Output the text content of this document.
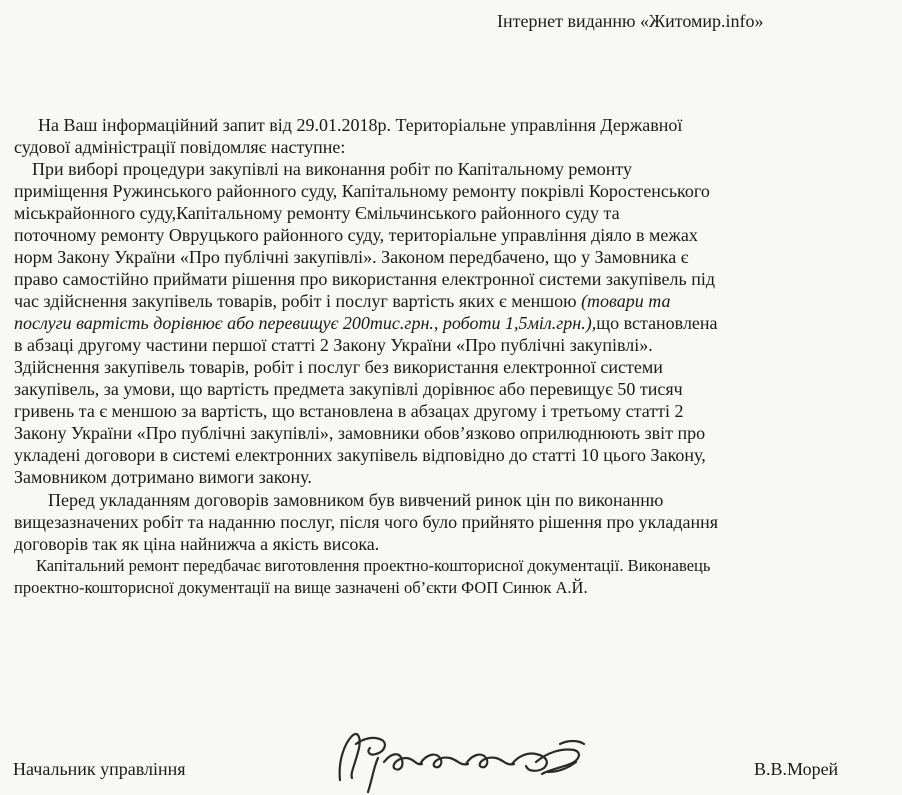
Інтернет виданню «Житомир.info»
На Ваш інформаційний запит від 29.01.2018р. Територіальне управління Державної
судової адміністрації повідомляє наступне:
При виборі процедури закупівлі на виконання робіт по Капітальному ремонту
приміщення Ружинського районного суду, Капітальному ремонту покрівлі Коростенського
міськрайонного суду,Капітальному ремонту Ємільчинського районного суду та
поточному ремонту Овруцького районного суду, територіальне управління діяло в межах
норм Закону України «Про публічні закупівлі». Законом передбачено, що у Замовника є
право самостійно приймати рішення про використання електронної системи закупівель під
час здійснення закупівель товарів, робіт і послуг вартість яких є меншою (товари та
послуги вартість дорівнює або перевищує 200тис.грн., роботи 1,5міл.грн.),що встановлена
в абзаці другому частини першої статті 2 Закону України «Про публічні закупівлі».
Здійснення закупівель товарів, робіт і послуг без використання електронної системи
закупівель, за умови, що вартість предмета закупівлі дорівнює або перевищує 50 тисяч
гривень та є меншою за вартість, що встановлена в абзацах другому і третьому статті 2
Закону України «Про публічні закупівлі», замовники обов’язково оприлюднюють звіт про
укладені договори в системі електронних закупівель відповідно до статті 10 цього Закону,
Замовником дотримано вимоги закону.
Перед укладанням договорів замовником був вивчений ринок цін по виконанню
вищезазначених робіт та наданню послуг, після чого було прийнято рішення про укладання
договорів так як ціна найнижча а якість висока.
Капітальний ремонт передбачає виготовлення проектно-кошторисної документації. Виконавець
проектно-кошторисної документації на вище зазначені об’єкти ФОП Синюк А.Й.
Начальник управління	В.В.Морей
